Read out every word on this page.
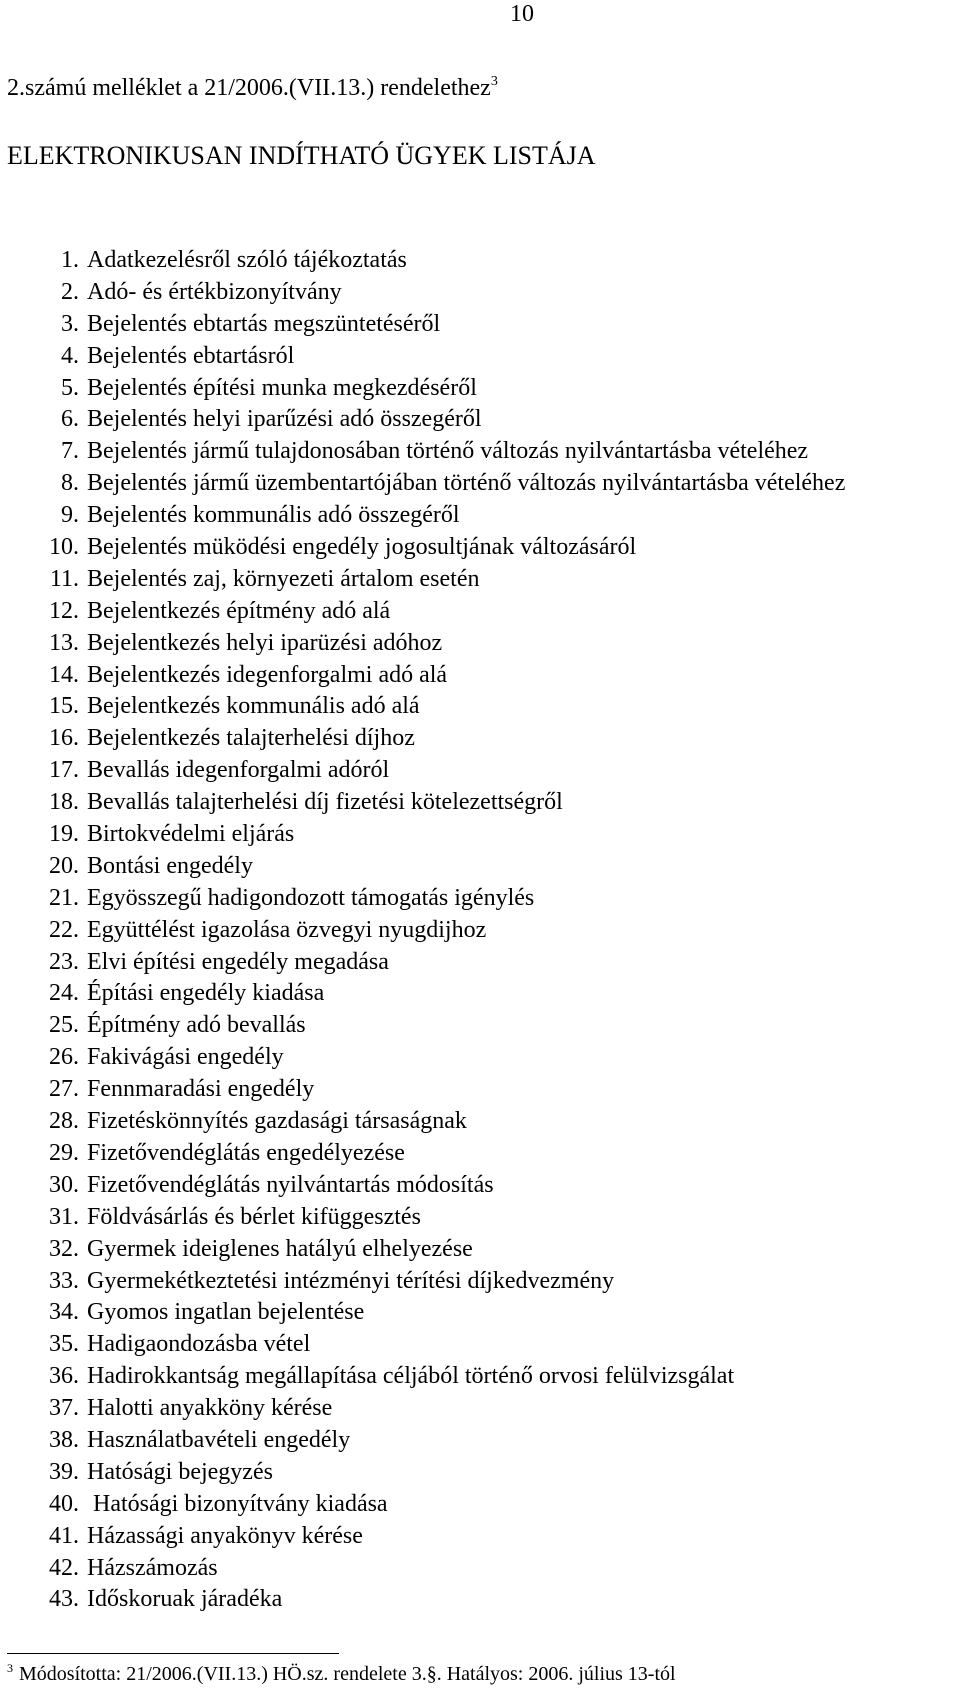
10
2.számú melléklet a 21/2006.(VII.13.) rendelethez$^3$
ELEKTRONIKUSAN INDÍTHATÓ ÜGYEK LISTÁJA
1. Adatkezelésről szóló tájékoztatás
2. Adó- és értékbizonyítvány
3. Bejelentés ebtartás megszüntetéséről
4. Bejelentés ebtartásról
5. Bejelentés építési munka megkezdéséről
6. Bejelentés helyi iparűzési adó összegéről
7. Bejelentés jármű tulajdonosában történő változás nyilvántartásba vételéhez
8. Bejelentés jármű üzembentartójában történő változás nyilvántartásba vételéhez
9. Bejelentés kommunális adó összegéről
10. Bejelentés müködési engedély jogosultjának változásáról
11. Bejelentés zaj, környezeti ártalom esetén
12. Bejelentkezés építmény adó alá
13. Bejelentkezés helyi iparüzési adóhoz
14. Bejelentkezés idegenforgalmi adó alá
15. Bejelentkezés kommunális adó alá
16. Bejelentkezés talajterhelési díjhoz
17. Bevallás idegenforgalmi adóról
18. Bevallás talajterhelési díj fizetési kötelezettségről
19. Birtokvédelmi eljárás
20. Bontási engedély
21. Egyösszegű hadigondozott támogatás igénylés
22. Együttélést igazolása özvegyi nyugdijhoz
23. Elvi építési engedély megadása
24. Építási engedély kiadása
25. Építmény adó bevallás
26. Fakivágási engedély
27. Fennmaradási engedély
28. Fizetéskönnyítés gazdasági társaságnak
29. Fizetővendéglátás engedélyezése
30. Fizetővendéglátás nyilvántartás módosítás
31. Földvásárlás és bérlet kifüggesztés
32. Gyermek ideiglenes hatályú elhelyezése
33. Gyermekétkeztetési intézményi térítési díjkedvezmény
34. Gyomos ingatlan bejelentése
35. Hadigaondozásba vétel
36. Hadirokkantság megállapítása céljából történő orvosi felülvizsgálat
37. Halotti anyakköny kérése
38. Használatbavételi engedély
39. Hatósági bejegyzés
40. Hatósági bizonyítvány kiadása
41. Házassági anyakönyv kérése
42. Házszámozás
43. Időskoruak járadéka
$^3$ Módosította: 21/2006.(VII.13.) HÖ.sz. rendelete 3.§. Hatályos: 2006. július 13-tól
